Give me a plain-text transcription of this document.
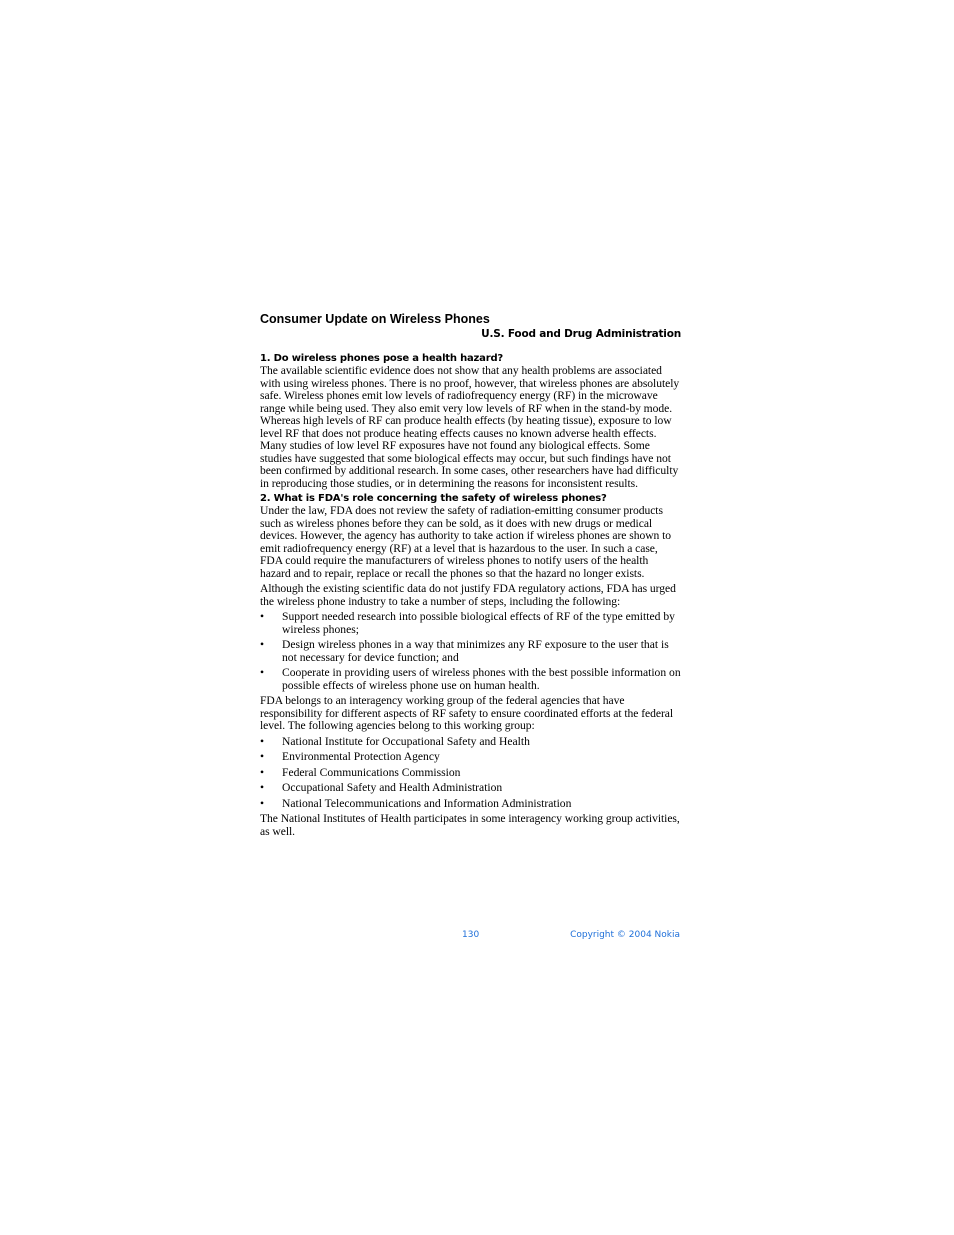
Consumer Update on Wireless Phones

U.S. Food and Drug Administration

1. Do wireless phones pose a health hazard?

The available scientific evidence does not show that any health problems are associated with using wireless phones. There is no proof, however, that wireless phones are absolutely safe. Wireless phones emit low levels of radiofrequency energy (RF) in the microwave range while being used. They also emit very low levels of RF when in the stand-by mode. Whereas high levels of RF can produce health effects (by heating tissue), exposure to low level RF that does not produce heating effects causes no known adverse health effects. Many studies of low level RF exposures have not found any biological effects. Some studies have suggested that some biological effects may occur, but such findings have not been confirmed by additional research. In some cases, other researchers have had difficulty in reproducing those studies, or in determining the reasons for inconsistent results.

2. What is FDA's role concerning the safety of wireless phones?

Under the law, FDA does not review the safety of radiation-emitting consumer products such as wireless phones before they can be sold, as it does with new drugs or medical devices. However, the agency has authority to take action if wireless phones are shown to emit radiofrequency energy (RF) at a level that is hazardous to the user. In such a case, FDA could require the manufacturers of wireless phones to notify users of the health hazard and to repair, replace or recall the phones so that the hazard no longer exists.

Although the existing scientific data do not justify FDA regulatory actions, FDA has urged the wireless phone industry to take a number of steps, including the following:

• Support needed research into possible biological effects of RF of the type emitted by wireless phones;
• Design wireless phones in a way that minimizes any RF exposure to the user that is not necessary for device function; and
• Cooperate in providing users of wireless phones with the best possible information on possible effects of wireless phone use on human health.

FDA belongs to an interagency working group of the federal agencies that have responsibility for different aspects of RF safety to ensure coordinated efforts at the federal level. The following agencies belong to this working group:

• National Institute for Occupational Safety and Health
• Environmental Protection Agency
• Federal Communications Commission
• Occupational Safety and Health Administration
• National Telecommunications and Information Administration

The National Institutes of Health participates in some interagency working group activities, as well.

130	Copyright © 2004 Nokia
